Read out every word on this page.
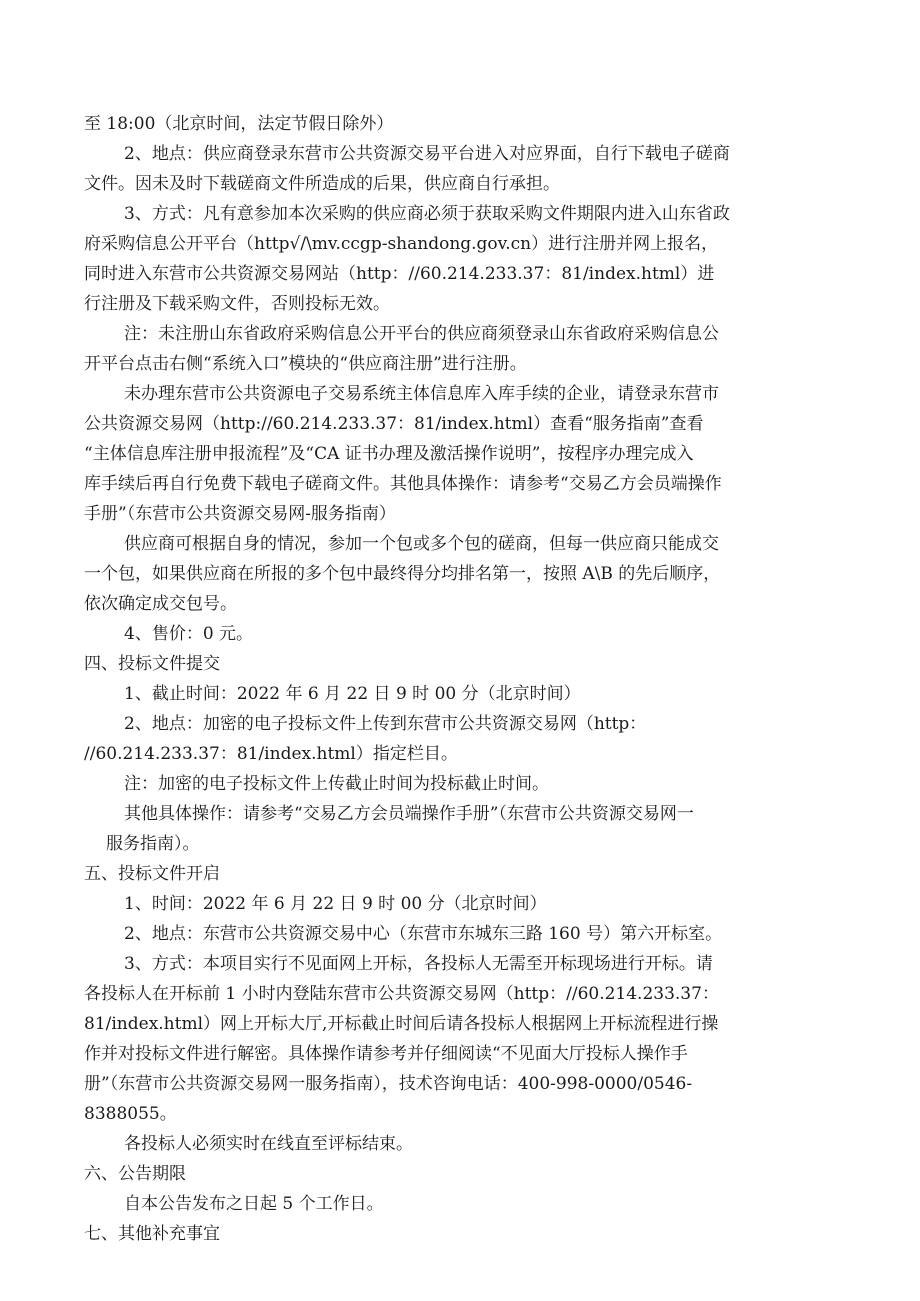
至 18:00（北京时间，法定节假日除外）
2、地点：供应商登录东营市公共资源交易平台进入对应界面，自行下载电子磋商
文件。因未及时下载磋商文件所造成的后果，供应商自行承担。
3、方式：凡有意参加本次采购的供应商必须于获取采购文件期限内进入山东省政
府采购信息公开平台（http√/\mv.ccgp-shandong.gov.cn）进行注册并网上报名，
同时进入东营市公共资源交易网站（http：//60.214.233.37：81/index.html）进
行注册及下载采购文件，否则投标无效。
注：未注册山东省政府采购信息公开平台的供应商须登录山东省政府采购信息公
开平台点击右侧“系统入口”模块的“供应商注册”进行注册。
未办理东营市公共资源电子交易系统主体信息库入库手续的企业，请登录东营市
公共资源交易网（http://60.214.233.37：81/index.html）查看“服务指南”查看
“主体信息库注册申报流程”及“CA 证书办理及激活操作说明”，按程序办理完成入
库手续后再自行免费下载电子磋商文件。其他具体操作：请参考“交易乙方会员端操作
手册”（东营市公共资源交易网-服务指南）
供应商可根据自身的情况，参加一个包或多个包的磋商，但每一供应商只能成交
一个包，如果供应商在所报的多个包中最终得分均排名第一，按照 A\B 的先后顺序，
依次确定成交包号。
4、售价：0 元。
四、投标文件提交
1、截止时间：2022 年 6 月 22 日 9 时 00 分（北京时间）
2、地点：加密的电子投标文件上传到东营市公共资源交易网（http：
//60.214.233.37：81/index.html）指定栏目。
注：加密的电子投标文件上传截止时间为投标截止时间。
其他具体操作：请参考“交易乙方会员端操作手册”（东营市公共资源交易网一
服务指南）。
五、投标文件开启
1、时间：2022 年 6 月 22 日 9 时 00 分（北京时间）
2、地点：东营市公共资源交易中心（东营市东城东三路 160 号）第六开标室。
3、方式：本项目实行不见面网上开标，各投标人无需至开标现场进行开标。请
各投标人在开标前 1 小时内登陆东营市公共资源交易网（http：//60.214.233.37：
81/index.html）网上开标大厅,开标截止时间后请各投标人根据网上开标流程进行操
作并对投标文件进行解密。具体操作请参考并仔细阅读“不见面大厅投标人操作手
册”（东营市公共资源交易网一服务指南），技术咨询电话：400-998-0000/0546-
8388055。
各投标人必须实时在线直至评标结束。
六、公告期限
自本公告发布之日起 5 个工作日。
七、其他补充事宜
